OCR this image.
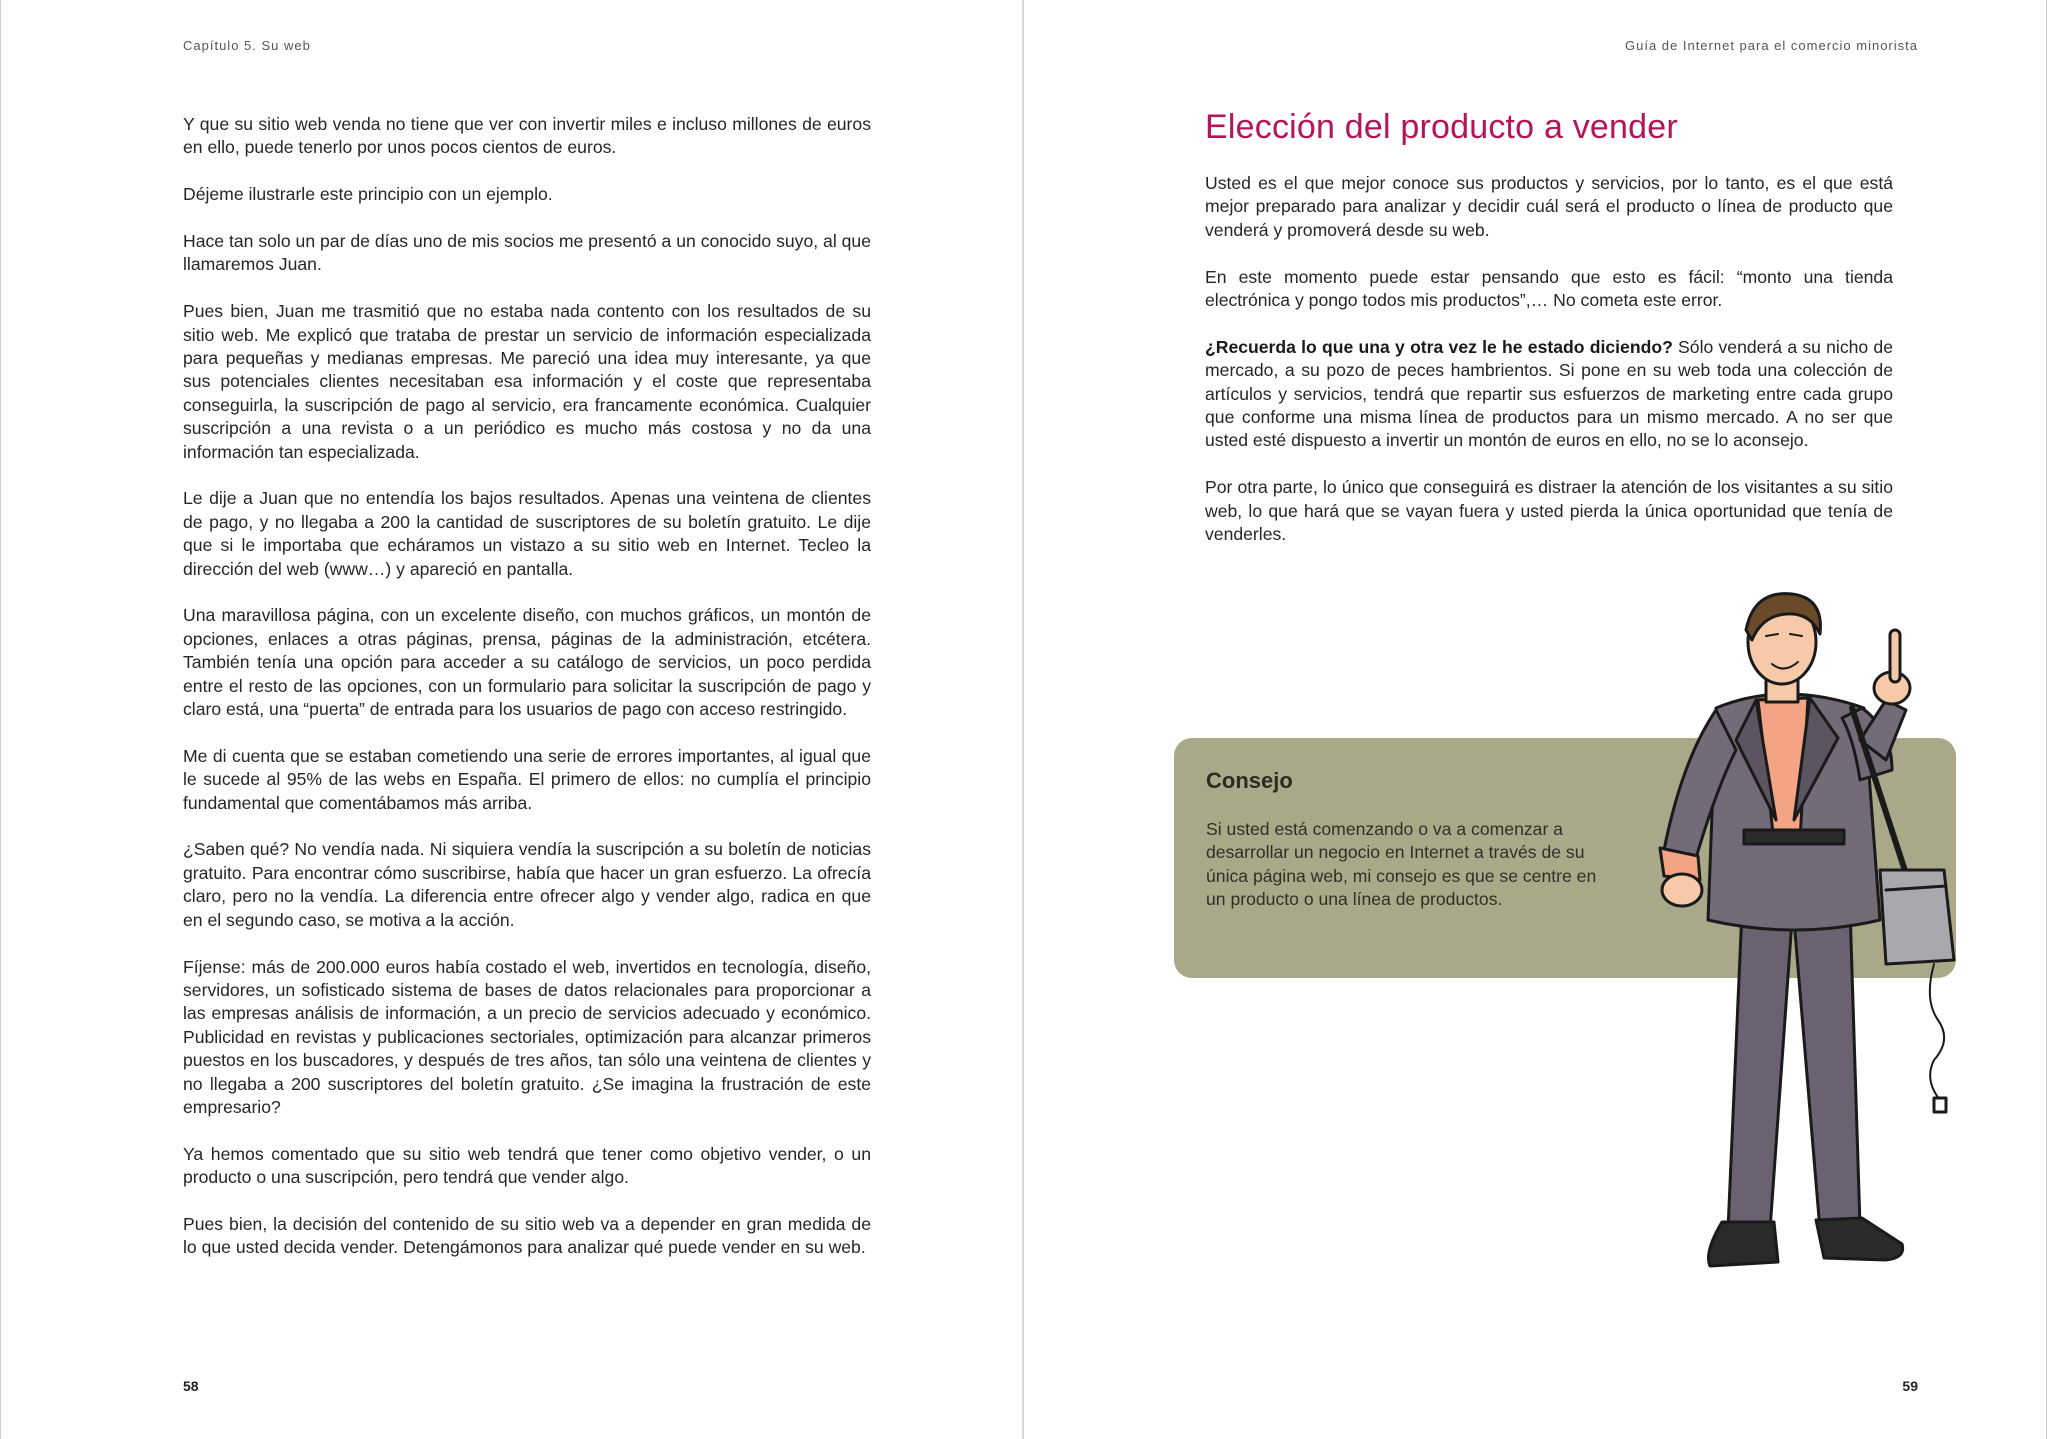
Capítulo 5. Su web

Y que su sitio web venda no tiene que ver con invertir miles e incluso millones de euros en ello, puede tenerlo por unos pocos cientos de euros.

Déjeme ilustrarle este principio con un ejemplo.

Hace tan solo un par de días uno de mis socios me presentó a un conocido suyo, al que llamaremos Juan.

Pues bien, Juan me trasmitió que no estaba nada contento con los resultados de su sitio web. Me explicó que trataba de prestar un servicio de información especializada para pequeñas y medianas empresas. Me pareció una idea muy interesante, ya que sus potenciales clientes necesitaban esa información y el coste que representaba conseguirla, la suscripción de pago al servicio, era francamente económica. Cualquier suscripción a una revista o a un periódico es mucho más costosa y no da una información tan especializada.

Le dije a Juan que no entendía los bajos resultados. Apenas una veintena de clientes de pago, y no llegaba a 200 la cantidad de suscriptores de su boletín gratuito. Le dije que si le importaba que echáramos un vistazo a su sitio web en Internet. Tecleo la dirección del web (www…) y apareció en pantalla.

Una maravillosa página, con un excelente diseño, con muchos gráficos, un montón de opciones, enlaces a otras páginas, prensa, páginas de la administración, etcétera. También tenía una opción para acceder a su catálogo de servicios, un poco perdida entre el resto de las opciones, con un formulario para solicitar la suscripción de pago y claro está, una “puerta” de entrada para los usuarios de pago con acceso restringido.

Me di cuenta que se estaban cometiendo una serie de errores importantes, al igual que le sucede al 95% de las webs en España. El primero de ellos: no cumplía el principio fundamental que comentábamos más arriba.

¿Saben qué? No vendía nada. Ni siquiera vendía la suscripción a su boletín de noticias gratuito. Para encontrar cómo suscribirse, había que hacer un gran esfuerzo. La ofrecía claro, pero no la vendía. La diferencia entre ofrecer algo y vender algo, radica en que en el segundo caso, se motiva a la acción.

Fíjense: más de 200.000 euros había costado el web, invertidos en tecnología, diseño, servidores, un sofisticado sistema de bases de datos relacionales para proporcionar a las empresas análisis de información, a un precio de servicios adecuado y económico. Publicidad en revistas y publicaciones sectoriales, optimización para alcanzar primeros puestos en los buscadores, y después de tres años, tan sólo una veintena de clientes y no llegaba a 200 suscriptores del boletín gratuito. ¿Se imagina la frustración de este empresario?

Ya hemos comentado que su sitio web tendrá que tener como objetivo vender, o un producto o una suscripción, pero tendrá que vender algo.

Pues bien, la decisión del contenido de su sitio web va a depender en gran medida de lo que usted decida vender. Detengámonos para analizar qué puede vender en su web.

58
Guía de Internet para el comercio minorista
Elección del producto a vender

Usted es el que mejor conoce sus productos y servicios, por lo tanto, es el que está mejor preparado para analizar y decidir cuál será el producto o línea de producto que venderá y promoverá desde su web.

En este momento puede estar pensando que esto es fácil: “monto una tienda electrónica y pongo todos mis productos”,… No cometa este error.

¿Recuerda lo que una y otra vez le he estado diciendo? Sólo venderá a su nicho de mercado, a su pozo de peces hambrientos. Si pone en su web toda una colección de artículos y servicios, tendrá que repartir sus esfuerzos de marketing entre cada grupo que conforme una misma línea de productos para un mismo mercado. A no ser que usted esté dispuesto a invertir un montón de euros en ello, no se lo aconsejo.

Por otra parte, lo único que conseguirá es distraer la atención de los visitantes a su sitio web, lo que hará que se vayan fuera y usted pierda la única oportunidad que tenía de venderles.

Consejo

Si usted está comenzando o va a comenzar a desarrollar un negocio en Internet a través de su única página web, mi consejo es que se centre en un producto o una línea de productos.

59
